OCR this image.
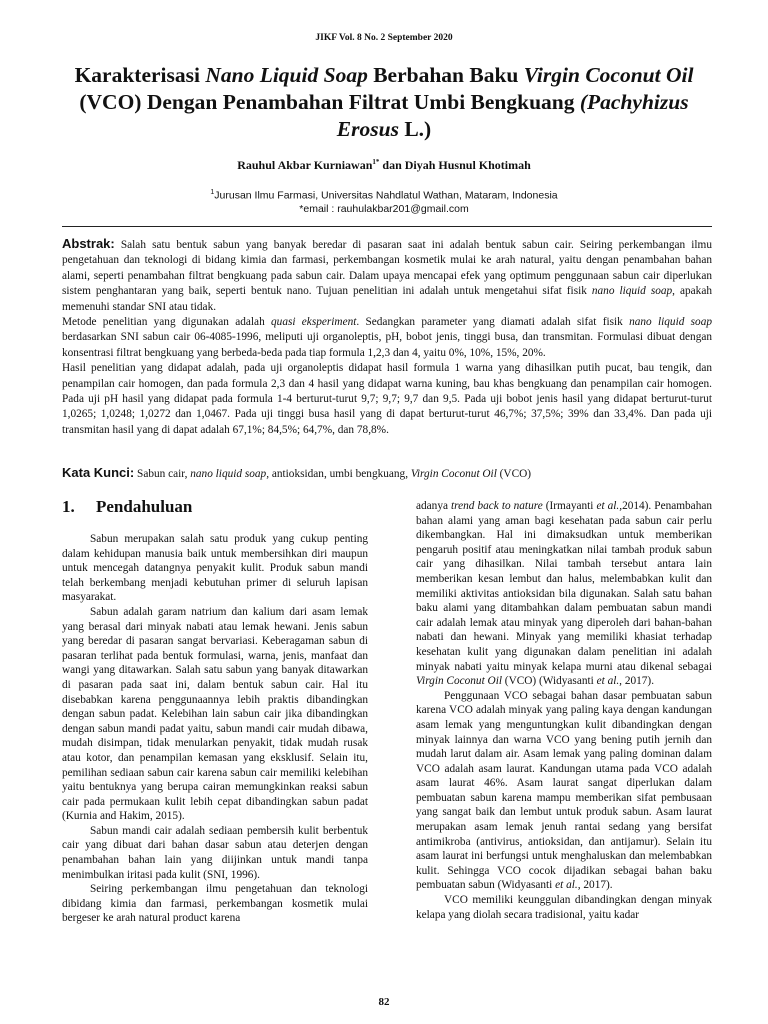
JIKF Vol. 8 No. 2 September 2020
Karakterisasi Nano Liquid Soap Berbahan Baku Virgin Coconut Oil (VCO) Dengan Penambahan Filtrat Umbi Bengkuang (Pachyhizus Erosus L.)
Rauhul Akbar Kurniawan$^{1*}$ dan Diyah Husnul Khotimah
$^1$Jurusan Ilmu Farmasi, Universitas Nahdlatul Wathan, Mataram, Indonesia
*email : rauhulakbar201@gmail.com

Abstrak: Salah satu bentuk sabun yang banyak beredar di pasaran saat ini adalah bentuk sabun cair. Seiring perkembangan ilmu pengetahuan dan teknologi di bidang kimia dan farmasi, perkembangan kosmetik mulai ke arah natural, yaitu dengan penambahan bahan alami, seperti penambahan filtrat bengkuang pada sabun cair. Dalam upaya mencapai efek yang optimum penggunaan sabun cair diperlukan sistem penghantaran yang baik, seperti bentuk nano. Tujuan penelitian ini adalah untuk mengetahui sifat fisik nano liquid soap, apakah memenuhi standar SNI atau tidak.

Metode penelitian yang digunakan adalah quasi eksperiment. Sedangkan parameter yang diamati adalah sifat fisik nano liquid soap berdasarkan SNI sabun cair 06-4085-1996, meliputi uji organoleptis, pH, bobot jenis, tinggi busa, dan transmitan. Formulasi dibuat dengan konsentrasi filtrat bengkuang yang berbeda-beda pada tiap formula 1,2,3 dan 4, yaitu 0%, 10%, 15%, 20%.

Hasil penelitian yang didapat adalah, pada uji organoleptis didapat hasil formula 1 warna yang dihasilkan putih pucat, bau tengik, dan penampilan cair homogen, dan pada formula 2,3 dan 4 hasil yang didapat warna kuning, bau khas bengkuang dan penampilan cair homogen. Pada uji pH hasil yang didapat pada formula 1-4 berturut-turut 9,7; 9,7; 9,7 dan 9,5. Pada uji bobot jenis hasil yang didapat berturut-turut 1,0265; 1,0248; 1,0272 dan 1,0467. Pada uji tinggi busa hasil yang di dapat berturut-turut 46,7%; 37,5%; 39% dan 33,4%. Dan pada uji transmitan hasil yang di dapat adalah 67,1%; 84,5%; 64,7%, dan 78,8%.

Kata Kunci: Sabun cair, nano liquid soap, antioksidan, umbi bengkuang, Virgin Coconut Oil (VCO)
1. Pendahuluan

Sabun merupakan salah satu produk yang cukup penting dalam kehidupan manusia baik untuk membersihkan diri maupun untuk mencegah datangnya penyakit kulit. Produk sabun mandi telah berkembang menjadi kebutuhan primer di seluruh lapisan masyarakat.

Sabun adalah garam natrium dan kalium dari asam lemak yang berasal dari minyak nabati atau lemak hewani. Jenis sabun yang beredar di pasaran sangat bervariasi. Keberagaman sabun di pasaran terlihat pada bentuk formulasi, warna, jenis, manfaat dan wangi yang ditawarkan. Salah satu sabun yang banyak ditawarkan di pasaran pada saat ini, dalam bentuk sabun cair. Hal itu disebabkan karena penggunaannya lebih praktis dibandingkan dengan sabun padat. Kelebihan lain sabun cair jika dibandingkan dengan sabun mandi padat yaitu, sabun mandi cair mudah dibawa, mudah disimpan, tidak menularkan penyakit, tidak mudah rusak atau kotor, dan penampilan kemasan yang eksklusif. Selain itu, pemilihan sediaan sabun cair karena sabun cair memiliki kelebihan yaitu bentuknya yang berupa cairan memungkinkan reaksi sabun cair pada permukaan kulit lebih cepat dibandingkan sabun padat (Kurnia and Hakim, 2015).

Sabun mandi cair adalah sediaan pembersih kulit berbentuk cair yang dibuat dari bahan dasar sabun atau deterjen dengan penambahan bahan lain yang diijinkan untuk mandi tanpa menimbulkan iritasi pada kulit (SNI, 1996).

Seiring perkembangan ilmu pengetahuan dan teknologi dibidang kimia dan farmasi, perkembangan kosmetik mulai bergeser ke arah natural product karena

adanya trend back to nature (Irmayanti et al.,2014). Penambahan bahan alami yang aman bagi kesehatan pada sabun cair perlu dikembangkan. Hal ini dimaksudkan untuk memberikan pengaruh positif atau meningkatkan nilai tambah produk sabun cair yang dihasilkan. Nilai tambah tersebut antara lain memberikan kesan lembut dan halus, melembabkan kulit dan memiliki aktivitas antioksidan bila digunakan. Salah satu bahan baku alami yang ditambahkan dalam pembuatan sabun mandi cair adalah lemak atau minyak yang diperoleh dari bahan-bahan nabati dan hewani. Minyak yang memiliki khasiat terhadap kesehatan kulit yang digunakan dalam penelitian ini adalah minyak nabati yaitu minyak kelapa murni atau dikenal sebagai Virgin Coconut Oil (VCO) (Widyasanti et al., 2017).

Penggunaan VCO sebagai bahan dasar pembuatan sabun karena VCO adalah minyak yang paling kaya dengan kandungan asam lemak yang menguntungkan kulit dibandingkan dengan minyak lainnya dan warna VCO yang bening putih jernih dan mudah larut dalam air. Asam lemak yang paling dominan dalam VCO adalah asam laurat. Kandungan utama pada VCO adalah asam laurat 46%. Asam laurat sangat diperlukan dalam pembuatan sabun karena mampu memberikan sifat pembusaan yang sangat baik dan lembut untuk produk sabun. Asam laurat merupakan asam lemak jenuh rantai sedang yang bersifat antimikroba (antivirus, antioksidan, dan antijamur). Selain itu asam laurat ini berfungsi untuk menghaluskan dan melembabkan kulit. Sehingga VCO cocok dijadikan sebagai bahan baku pembuatan sabun (Widyasanti et al., 2017).

VCO memiliki keunggulan dibandingkan dengan minyak kelapa yang diolah secara tradisional, yaitu kadar

82
